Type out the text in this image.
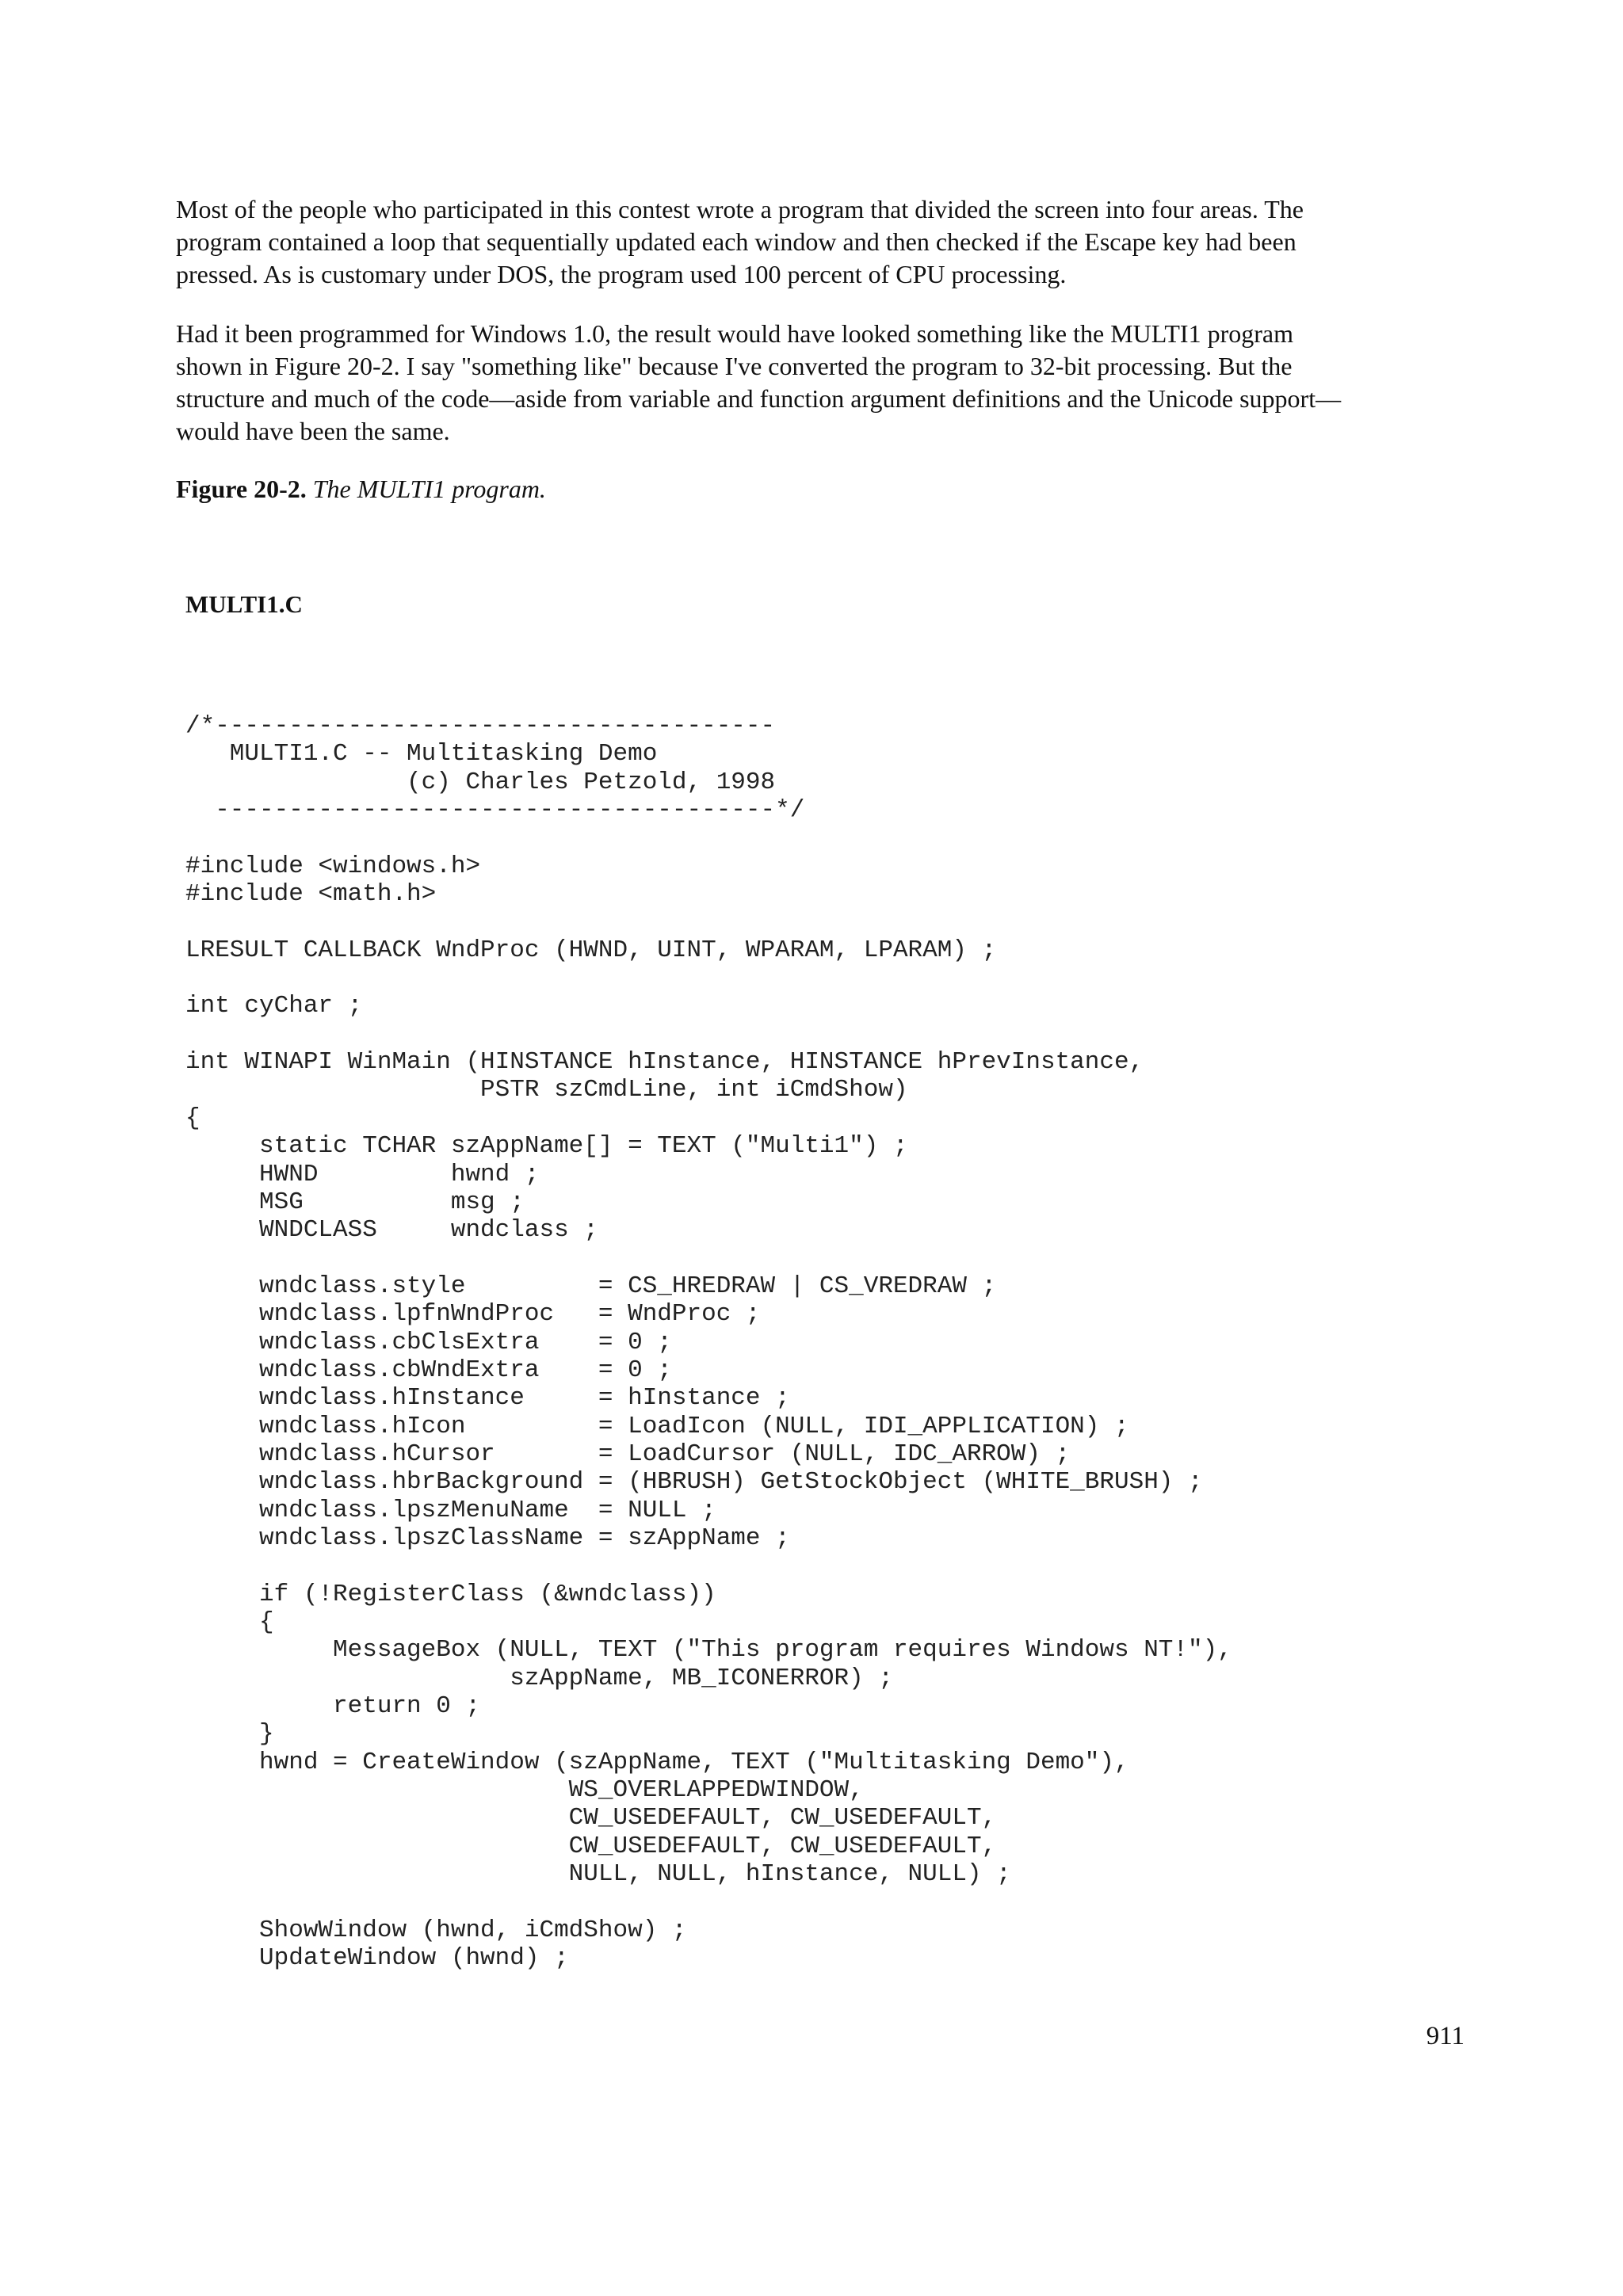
Most of the people who participated in this contest wrote a program that divided the screen into four areas. The
program contained a loop that sequentially updated each window and then checked if the Escape key had been
pressed. As is customary under DOS, the program used 100 percent of CPU processing.

Had it been programmed for Windows 1.0, the result would have looked something like the MULTI1 program
shown in Figure 20-2. I say "something like" because I've converted the program to 32-bit processing. But the
structure and much of the code—aside from variable and function argument definitions and the Unicode support—
would have been the same.

Figure 20-2. The MULTI1 program.

MULTI1.C

/*--------------------------------------
MULTI1.C -- Multitasking Demo
(c) Charles Petzold, 1998
--------------------------------------*/

#include <windows.h>
#include <math.h>

LRESULT CALLBACK WndProc (HWND, UINT, WPARAM, LPARAM) ;

int cyChar ;

int WINAPI WinMain (HINSTANCE hInstance, HINSTANCE hPrevInstance,
PSTR szCmdLine, int iCmdShow)
{
static TCHAR szAppName[] = TEXT ("Multi1") ;
HWND         hwnd ;
MSG          msg ;
WNDCLASS     wndclass ;

wndclass.style         = CS_HREDRAW | CS_VREDRAW ;
wndclass.lpfnWndProc   = WndProc ;
wndclass.cbClsExtra    = 0 ;
wndclass.cbWndExtra    = 0 ;
wndclass.hInstance     = hInstance ;
wndclass.hIcon         = LoadIcon (NULL, IDI_APPLICATION) ;
wndclass.hCursor       = LoadCursor (NULL, IDC_ARROW) ;
wndclass.hbrBackground = (HBRUSH) GetStockObject (WHITE_BRUSH) ;
wndclass.lpszMenuName  = NULL ;
wndclass.lpszClassName = szAppName ;

if (!RegisterClass (&wndclass))
{
MessageBox (NULL, TEXT ("This program requires Windows NT!"),
szAppName, MB_ICONERROR) ;
return 0 ;
}
hwnd = CreateWindow (szAppName, TEXT ("Multitasking Demo"),
WS_OVERLAPPEDWINDOW,
CW_USEDEFAULT, CW_USEDEFAULT,
CW_USEDEFAULT, CW_USEDEFAULT,
NULL, NULL, hInstance, NULL) ;

ShowWindow (hwnd, iCmdShow) ;
UpdateWindow (hwnd) ;

911
